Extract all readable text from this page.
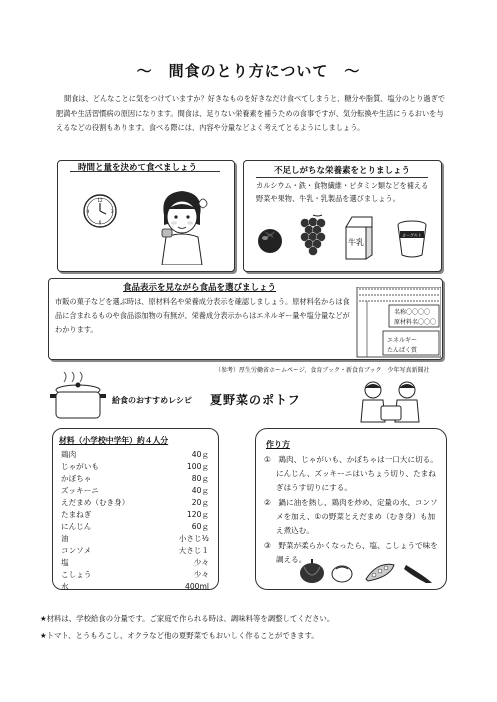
～　間食のとり方について　～
間食は、どんなことに気をつけていますか？好きなものを好きなだけ食べてしまうと、糖分や脂質、塩分のとり過ぎで肥満や生活習慣病の原因になります。間食は、足りない栄養素を補うための食事ですが、気分転換や生活にうるおいを与えるなどの役割もあります。食べる際には、内容や分量などよく考えてとるようにしましょう。
時間と量を決めて食べましょう
12
3
6
9
不足しがちな栄養素をとりましょう
カルシウム・鉄・食物繊維・ビタミン類などを補える野菜や果物、牛乳・乳製品を選びましょう。
牛乳
ヨーグルト
食品表示を見ながら食品を選びましょう
市販の菓子などを選ぶ時は、原材料名や栄養成分表示を確認しましょう。原材料名からは食品に含まれるものや食品添加物の有無が、栄養成分表示からはエネルギー量や塩分量などがわかります。
名称〇〇〇〇
原材料名〇〇〇
エネルギー
たんぱく質
（参考）厚生労働省ホームページ、食育ブック・新食育ブック　少年写真新聞社
給食のおすすめレシピ 夏野菜のポトフ
材料（小学校中学年）約４人分
鶏肉	40ｇ
じゃがいも	100ｇ
かぼちゃ	80ｇ
ズッキーニ	40ｇ
えだまめ（むき身）	20ｇ
たまねぎ	120ｇ
にんじん	60ｇ
油	小さじ½
コンソメ	大さじ１
塩	少々
こしょう	少々
水	400ml
作り方
①　鶏肉、じゃがいも、かぼちゃは一口大に切る。にんじん、ズッキーニはいちょう切り、たまねぎはうす切りにする。
②　鍋に油を熱し、鶏肉を炒め、定量の水、コンソメを加え、①の野菜とえだまめ（むき身）も加え煮込む。
③　野菜が柔らかくなったら、塩、こしょうで味を調える。
★材料は、学校給食の分量です。ご家庭で作られる時は、調味料等を調整してください。
★トマト、とうもろこし、オクラなど他の夏野菜でもおいしく作ることができます。
